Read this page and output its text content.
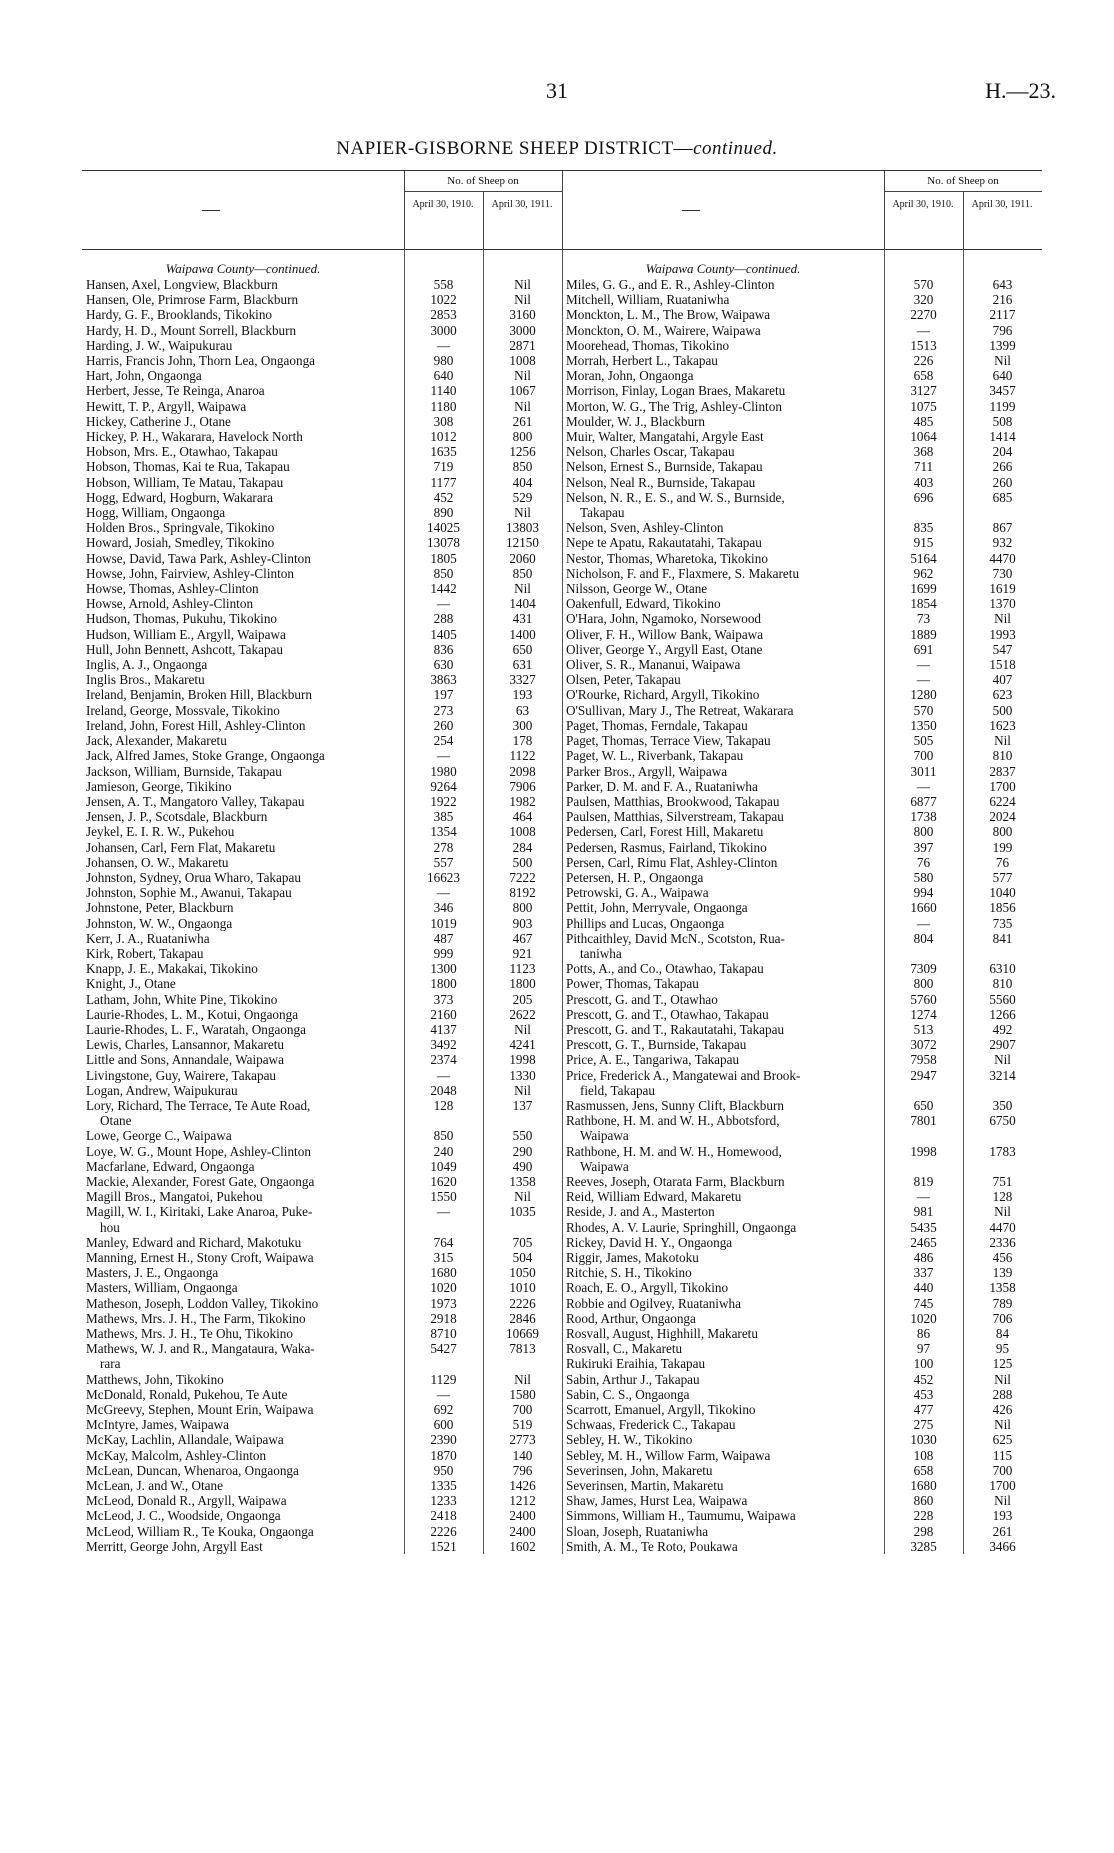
31	H.—23.
NAPIER-GISBORNE SHEEP DISTRICT—continued.
—
No. of Sheep on
April 30, 1910.	April 30, 1911.
Waipawa County—continued.
Hansen, Axel, Longview, Blackburn	558	Nil
Hansen, Ole, Primrose Farm, Blackburn	1022	Nil
Hardy, G. F., Brooklands, Tikokino	2853	3160
Hardy, H. D., Mount Sorrell, Blackburn	3000	3000
Harding, J. W., Waipukurau	—	2871
Harris, Francis John, Thorn Lea, Ongaonga	980	1008
Hart, John, Ongaonga	640	Nil
Herbert, Jesse, Te Reinga, Anaroa	1140	1067
Hewitt, T. P., Argyll, Waipawa	1180	Nil
Hickey, Catherine J., Otane	308	261
Hickey, P. H., Wakarara, Havelock North	1012	800
Hobson, Mrs. E., Otawhao, Takapau	1635	1256
Hobson, Thomas, Kai te Rua, Takapau	719	850
Hobson, William, Te Matau, Takapau	1177	404
Hogg, Edward, Hogburn, Wakarara	452	529
Hogg, William, Ongaonga	890	Nil
Holden Bros., Springvale, Tikokino	14025	13803
Howard, Josiah, Smedley, Tikokino	13078	12150
Howse, David, Tawa Park, Ashley-Clinton	1805	2060
Howse, John, Fairview, Ashley-Clinton	850	850
Howse, Thomas, Ashley-Clinton	1442	Nil
Howse, Arnold, Ashley-Clinton	—	1404
Hudson, Thomas, Pukuhu, Tikokino	288	431
Hudson, William E., Argyll, Waipawa	1405	1400
Hull, John Bennett, Ashcott, Takapau	836	650
Inglis, A. J., Ongaonga	630	631
Inglis Bros., Makaretu	3863	3327
Ireland, Benjamin, Broken Hill, Blackburn	197	193
Ireland, George, Mossvale, Tikokino	273	63
Ireland, John, Forest Hill, Ashley-Clinton	260	300
Jack, Alexander, Makaretu	254	178
Jack, Alfred James, Stoke Grange, Ongaonga	—	1122
Jackson, William, Burnside, Takapau	1980	2098
Jamieson, George, Tikikino	9264	7906
Jensen, A. T., Mangatoro Valley, Takapau	1922	1982
Jensen, J. P., Scotsdale, Blackburn	385	464
Jeykel, E. I. R. W., Pukehou	1354	1008
Johansen, Carl, Fern Flat, Makaretu	278	284
Johansen, O. W., Makaretu	557	500
Johnston, Sydney, Orua Wharo, Takapau	16623	7222
Johnston, Sophie M., Awanui, Takapau	—	8192
Johnstone, Peter, Blackburn	346	800
Johnston, W. W., Ongaonga	1019	903
Kerr, J. A., Ruataniwha	487	467
Kirk, Robert, Takapau	999	921
Knapp, J. E., Makakai, Tikokino	1300	1123
Knight, J., Otane	1800	1800
Latham, John, White Pine, Tikokino	373	205
Laurie-Rhodes, L. M., Kotui, Ongaonga	2160	2622
Laurie-Rhodes, L. F., Waratah, Ongaonga	4137	Nil
Lewis, Charles, Lansannor, Makaretu	3492	4241
Little and Sons, Annandale, Waipawa	2374	1998
Livingstone, Guy, Wairere, Takapau	—	1330
Logan, Andrew, Waipukurau	2048	Nil
Lory, Richard, The Terrace, Te Aute Road,	128	137
Otane
Lowe, George C., Waipawa	850	550
Loye, W. G., Mount Hope, Ashley-Clinton	240	290
Macfarlane, Edward, Ongaonga	1049	490
Mackie, Alexander, Forest Gate, Ongaonga	1620	1358
Magill Bros., Mangatoi, Pukehou	1550	Nil
Magill, W. I., Kiritaki, Lake Anaroa, Puke-	—	1035
hou
Manley, Edward and Richard, Makotuku	764	705
Manning, Ernest H., Stony Croft, Waipawa	315	504
Masters, J. E., Ongaonga	1680	1050
Masters, William, Ongaonga	1020	1010
Matheson, Joseph, Loddon Valley, Tikokino	1973	2226
Mathews, Mrs. J. H., The Farm, Tikokino	2918	2846
Mathews, Mrs. J. H., Te Ohu, Tikokino	8710	10669
Mathews, W. J. and R., Mangataura, Waka-	5427	7813
rara
Matthews, John, Tikokino	1129	Nil
McDonald, Ronald, Pukehou, Te Aute	—	1580
McGreevy, Stephen, Mount Erin, Waipawa	692	700
McIntyre, James, Waipawa	600	519
McKay, Lachlin, Allandale, Waipawa	2390	2773
McKay, Malcolm, Ashley-Clinton	1870	140
McLean, Duncan, Whenaroa, Ongaonga	950	796
McLean, J. and W., Otane	1335	1426
McLeod, Donald R., Argyll, Waipawa	1233	1212
McLeod, J. C., Woodside, Ongaonga	2418	2400
McLeod, William R., Te Kouka, Ongaonga	2226	2400
Merritt, George John, Argyll East	1521	1602
—
No. of Sheep on
April 30, 1910.	April 30, 1911.
Waipawa County—continued.
Miles, G. G., and E. R., Ashley-Clinton	570	643
Mitchell, William, Ruataniwha	320	216
Monckton, L. M., The Brow, Waipawa	2270	2117
Monckton, O. M., Wairere, Waipawa	—	796
Moorehead, Thomas, Tikokino	1513	1399
Morrah, Herbert L., Takapau	226	Nil
Moran, John, Ongaonga	658	640
Morrison, Finlay, Logan Braes, Makaretu	3127	3457
Morton, W. G., The Trig, Ashley-Clinton	1075	1199
Moulder, W. J., Blackburn	485	508
Muir, Walter, Mangatahi, Argyle East	1064	1414
Nelson, Charles Oscar, Takapau	368	204
Nelson, Ernest S., Burnside, Takapau	711	266
Nelson, Neal R., Burnside, Takapau	403	260
Nelson, N. R., E. S., and W. S., Burnside,	696	685
Takapau
Nelson, Sven, Ashley-Clinton	835	867
Nepe te Apatu, Rakautatahi, Takapau	915	932
Nestor, Thomas, Wharetoka, Tikokino	5164	4470
Nicholson, F. and F., Flaxmere, S. Makaretu	962	730
Nilsson, George W., Otane	1699	1619
Oakenfull, Edward, Tikokino	1854	1370
O'Hara, John, Ngamoko, Norsewood	73	Nil
Oliver, F. H., Willow Bank, Waipawa	1889	1993
Oliver, George Y., Argyll East, Otane	691	547
Oliver, S. R., Mananui, Waipawa	—	1518
Olsen, Peter, Takapau	—	407
O'Rourke, Richard, Argyll, Tikokino	1280	623
O'Sullivan, Mary J., The Retreat, Wakarara	570	500
Paget, Thomas, Ferndale, Takapau	1350	1623
Paget, Thomas, Terrace View, Takapau	505	Nil
Paget, W. L., Riverbank, Takapau	700	810
Parker Bros., Argyll, Waipawa	3011	2837
Parker, D. M. and F. A., Ruataniwha	—	1700
Paulsen, Matthias, Brookwood, Takapau	6877	6224
Paulsen, Matthias, Silverstream, Takapau	1738	2024
Pedersen, Carl, Forest Hill, Makaretu	800	800
Pedersen, Rasmus, Fairland, Tikokino	397	199
Persen, Carl, Rimu Flat, Ashley-Clinton	76	76
Petersen, H. P., Ongaonga	580	577
Petrowski, G. A., Waipawa	994	1040
Pettit, John, Merryvale, Ongaonga	1660	1856
Phillips and Lucas, Ongaonga	—	735
Pithcaithley, David McN., Scotston, Rua-	804	841
taniwha
Potts, A., and Co., Otawhao, Takapau	7309	6310
Power, Thomas, Takapau	800	810
Prescott, G. and T., Otawhao	5760	5560
Prescott, G. and T., Otawhao, Takapau	1274	1266
Prescott, G. and T., Rakautatahi, Takapau	513	492
Prescott, G. T., Burnside, Takapau	3072	2907
Price, A. E., Tangariwa, Takapau	7958	Nil
Price, Frederick A., Mangatewai and Brook-	2947	3214
field, Takapau
Rasmussen, Jens, Sunny Clift, Blackburn	650	350
Rathbone, H. M. and W. H., Abbotsford,	7801	6750
Waipawa
Rathbone, H. M. and W. H., Homewood,	1998	1783
Waipawa
Reeves, Joseph, Otarata Farm, Blackburn	819	751
Reid, William Edward, Makaretu	—	128
Reside, J. and A., Masterton	981	Nil
Rhodes, A. V. Laurie, Springhill, Ongaonga	5435	4470
Rickey, David H. Y., Ongaonga	2465	2336
Riggir, James, Makotoku	486	456
Ritchie, S. H., Tikokino	337	139
Roach, E. O., Argyll, Tikokino	440	1358
Robbie and Ogilvey, Ruataniwha	745	789
Rood, Arthur, Ongaonga	1020	706
Rosvall, August, Highhill, Makaretu	86	84
Rosvall, C., Makaretu	97	95
Rukiruki Eraihia, Takapau	100	125
Sabin, Arthur J., Takapau	452	Nil
Sabin, C. S., Ongaonga	453	288
Scarrott, Emanuel, Argyll, Tikokino	477	426
Schwaas, Frederick C., Takapau	275	Nil
Sebley, H. W., Tikokino	1030	625
Sebley, M. H., Willow Farm, Waipawa	108	115
Severinsen, John, Makaretu	658	700
Severinsen, Martin, Makaretu	1680	1700
Shaw, James, Hurst Lea, Waipawa	860	Nil
Simmons, William H., Taumumu, Waipawa	228	193
Sloan, Joseph, Ruataniwha	298	261
Smith, A. M., Te Roto, Poukawa	3285	3466
